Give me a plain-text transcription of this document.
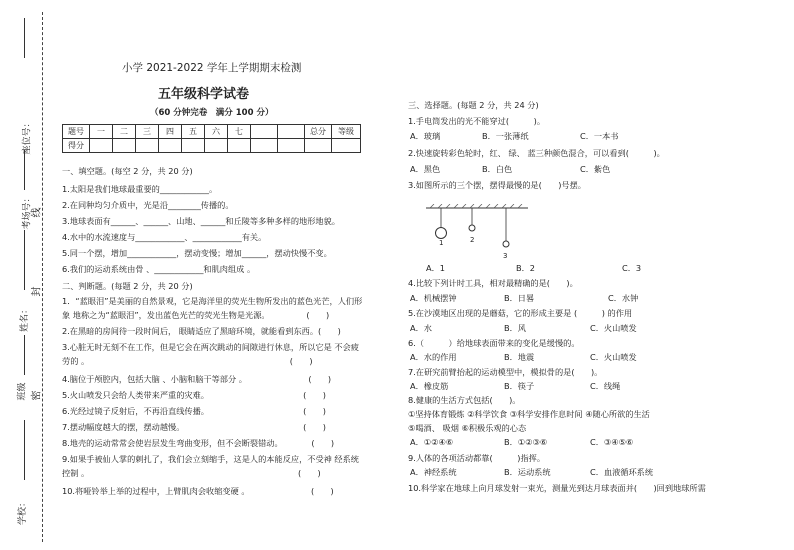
座位号：
考场号：
线
封
姓名：
班级 密
学校：
小学 2021-2022 学年上学期期末检测
五年级科学试卷
（60 分钟完卷　满分 100 分）
题号	一	二	三	四	五	六	七			总分	等级
得分											
一、填空题。(每空 2 分，共 20 分)
1.太阳是我们地球最重要的____________。
2.在同种均匀介质中，光是沿________传播的。
3.地球表面有______、______、山地、______和丘陵等多种多样的地形地貌。
4.水中的水流速度与____________、____________有关。
5.同一个摆，增加____________，摆动变慢；增加______，摆动快慢不变。
6.我们的运动系统由骨 、____________和肌肉组成 。
二、判断题。(每题 2 分，共 20 分)
1．“蓝眼泪”是美丽的自然景观，它是海洋里的荧光生物所发出的蓝色光芒，人们形
象 地称之为“蓝眼泪”，发出蓝色光芒的荧光生物是光源。　　　　　(　　)
2.在黑暗的房间待一段时间后， 眼睛适应了黑暗环境，就能看到东西。(　　)
3.心脏无时无刻不在工作，但是它会在两次跳动的间隙进行休息，所以它是 不会疲
劳的 。　　　　　　　　　　　　　　　　　　　　　　　　　(　　)
4.脑位于颅腔内，包括大脑 、小脑和脑干等部分 。　　　　　　　　(　　)
5.火山喷发只会给人类带来严重的灾难。　　　　　　　　　　　　(　　)
6.光经过镜子反射后，不再沿直线传播。　　　　　　　　　　　　(　　)
7.摆动幅度越大的摆，摆动越慢。　　　　　　　　　　　　　　　(　　)
8.地壳的运动常常会使岩层发生弯曲变形，但不会断裂错动。　　　　(　　)
9.如果手被仙人掌的刺扎了，我们会立刻缩手，这是人的本能反应，不受神 经系统
控制 。　　　　　　　　　　　　　　　　　　　　　　　　　　(　　)
10.将哑铃举上举的过程中，上臂肌肉会收缩变硬 。　　　　　　　　(　　)
三、选择题。(每题 2 分，共 24 分)
1.手电筒发出的光不能穿过(　　　)。
A．玻璃	B．一张薄纸	C．一本书
2.快速旋转彩色轮时，红、 绿、 蓝三种颜色混合，可以看到(　　　)。
A．黑色	B．白色	C．紫色
3.如图所示的三个摆，摆得最慢的是(　　)号摆。
1	2
3
A．1	B．2	C．3
4.比较下列计时工具，相对最精确的是(　　)。
A．机械摆钟	B．日晷	C．水钟
5.在沙漠地区出现的是蘑菇，它的形成主要是 (　　　) 的作用
A．水	B．风	C．火山喷发
6.（　　　）给地球表面带来的变化是缓慢的。
A．水的作用	B．地震	C．火山喷发
7.在研究前臂抬起的运动模型中，模拟骨的是(　　)。
A．橡皮筋	B．筷子	C．线绳
8.健康的生活方式包括(　　)。
①坚持体育锻炼 ②科学饮食 ③科学安排作息时间 ④随心所欲的生活
⑤喝酒、 吸烟 ⑥积极乐观的心态
A．①②④⑥	B．①②③⑥	C．③④⑤⑥
9.人体的各项活动都靠(　　　)指挥。
A．神经系统	B．运动系统	C．血液循环系统
10.科学家在地球上向月球发射一束光，测量光到达月球表面并(　　)回到地球所需
